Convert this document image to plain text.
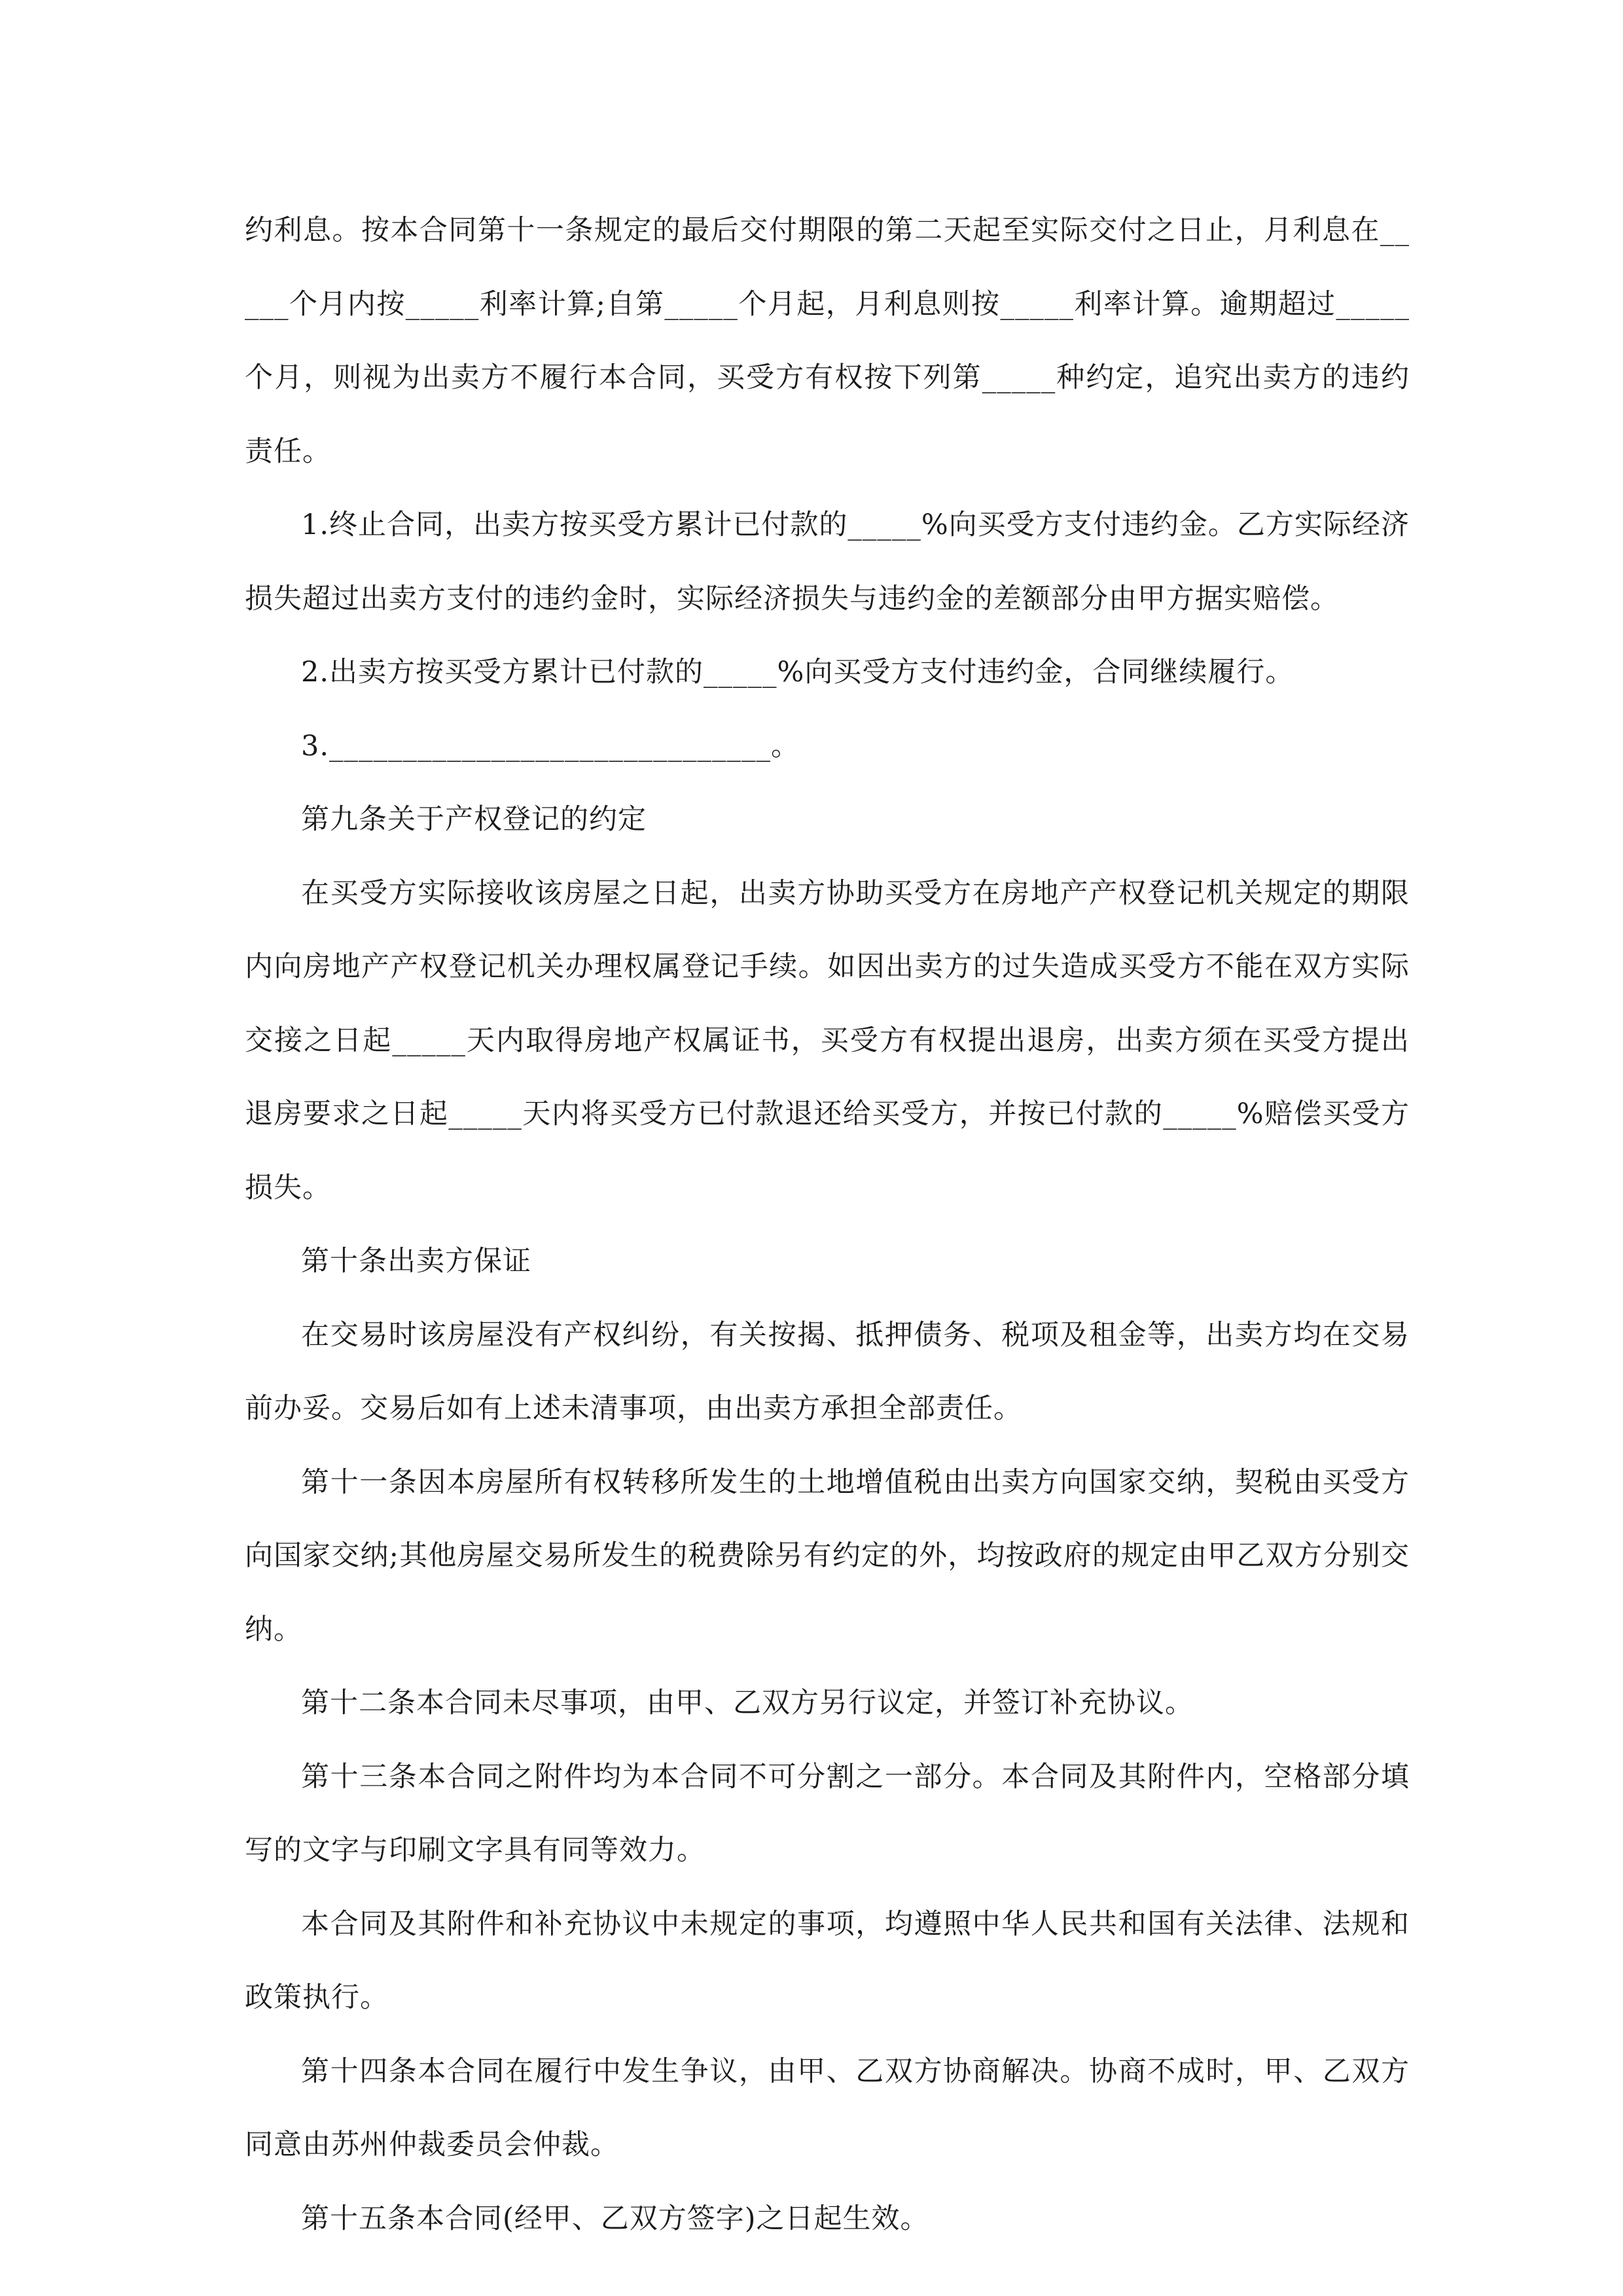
约利息。按本合同第十一条规定的最后交付期限的第二天起至实际交付之日止，月利息在_____个月内按_____利率计算;自第_____个月起，月利息则按_____利率计算。逾期超过_____个月，则视为出卖方不履行本合同，买受方有权按下列第_____种约定，追究出卖方的违约责任。

1.终止合同，出卖方按买受方累计已付款的_____%向买受方支付违约金。乙方实际经济损失超过出卖方支付的违约金时，实际经济损失与违约金的差额部分由甲方据实赔偿。

2.出卖方按买受方累计已付款的_____%向买受方支付违约金，合同继续履行。

3.______________________________。

第九条关于产权登记的约定

在买受方实际接收该房屋之日起，出卖方协助买受方在房地产产权登记机关规定的期限内向房地产产权登记机关办理权属登记手续。如因出卖方的过失造成买受方不能在双方实际交接之日起_____天内取得房地产权属证书，买受方有权提出退房，出卖方须在买受方提出退房要求之日起_____天内将买受方已付款退还给买受方，并按已付款的_____%赔偿买受方损失。

第十条出卖方保证

在交易时该房屋没有产权纠纷，有关按揭、抵押债务、税项及租金等，出卖方均在交易前办妥。交易后如有上述未清事项，由出卖方承担全部责任。

第十一条因本房屋所有权转移所发生的土地增值税由出卖方向国家交纳，契税由买受方向国家交纳;其他房屋交易所发生的税费除另有约定的外，均按政府的规定由甲乙双方分别交纳。

第十二条本合同未尽事项，由甲、乙双方另行议定，并签订补充协议。

第十三条本合同之附件均为本合同不可分割之一部分。本合同及其附件内，空格部分填写的文字与印刷文字具有同等效力。

本合同及其附件和补充协议中未规定的事项，均遵照中华人民共和国有关法律、法规和政策执行。

第十四条本合同在履行中发生争议，由甲、乙双方协商解决。协商不成时，甲、乙双方同意由苏州仲裁委员会仲裁。

第十五条本合同(经甲、乙双方签字)之日起生效。
